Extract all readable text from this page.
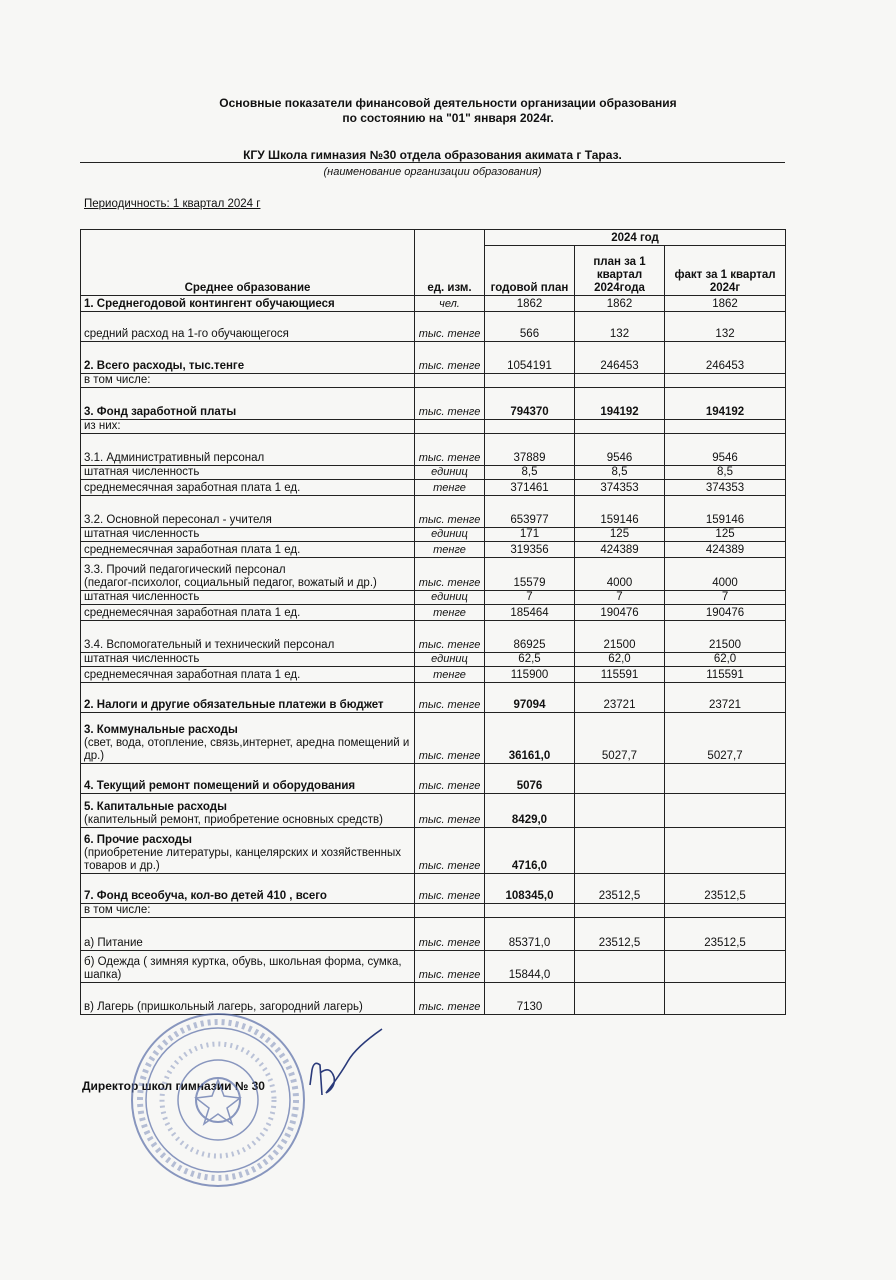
Основные показатели финансовой деятельности организации образования
по состоянию на "01" января 2024г.
КГУ Школа гимназия №30 отдела образования акимата г Тараз.
(наименование организации образования)
Периодичность: 1 квартал 2024 г
Среднее образование	ед. изм.	2024 год		
		годовой план	план за 1 квартал 2024года	факт за 1 квартал 2024г
1. Среднегодовой контингент обучающиеся	чел.	1862	1862	1862
средний расход на 1-го обучающегося	тыс. тенге	566	132	132
2. Всего расходы, тыс.тенге	тыс. тенге	1054191	246453	246453
в том числе:				
3. Фонд заработной платы	тыс. тенге	794370	194192	194192
из них:				
3.1. Административный персонал	тыс. тенге	37889	9546	9546
штатная численность	единиц	8,5	8,5	8,5
среднемесячная заработная плата 1 ед.	тенге	371461	374353	374353
3.2. Основной пересонал - учителя	тыс. тенге	653977	159146	159146
штатная численность	единиц	171	125	125
среднемесячная заработная плата 1 ед.	тенге	319356	424389	424389
3.3. Прочий педагогический персонал
(педагог-психолог, социальный педагог, вожатый и др.)	тыс. тенге	15579	4000	4000
штатная численность	единиц	7	7	7
среднемесячная заработная плата 1 ед.	тенге	185464	190476	190476
3.4. Вспомогательный и технический персонал	тыс. тенге	86925	21500	21500
штатная численность	единиц	62,5	62,0	62,0
среднемесячная заработная плата 1 ед.	тенге	115900	115591	115591
2. Налоги и другие обязательные платежи в бюджет	тыс. тенге	97094	23721	23721
3. Коммунальные расходы
(свет, вода, отопление, связь,интернет, арeдна помещений и др.)	тыс. тенге	36161,0	5027,7	5027,7
4. Текущий ремонт помещений и оборудования	тыс. тенге	5076		
5. Капитальные расходы
(капительный ремонт, приобретение основных средств)	тыс. тенге	8429,0		
6. Прочие расходы
(приобретение литературы, канцелярских и хозяйственных товаров и др.)	тыс. тенге	4716,0		
7. Фонд всеобуча, кол-во детей 410 , всего	тыс. тенге	108345,0	23512,5	23512,5
в том числе:				
а) Питание	тыс. тенге	85371,0	23512,5	23512,5
б) Одежда ( зимняя куртка, обувь, школьная форма, сумка, шапка)	тыс. тенге	15844,0		
в) Лагерь (пришкольный лагерь, загородний лагерь)	тыс. тенге	7130		
Директор школ гимназии № 30
